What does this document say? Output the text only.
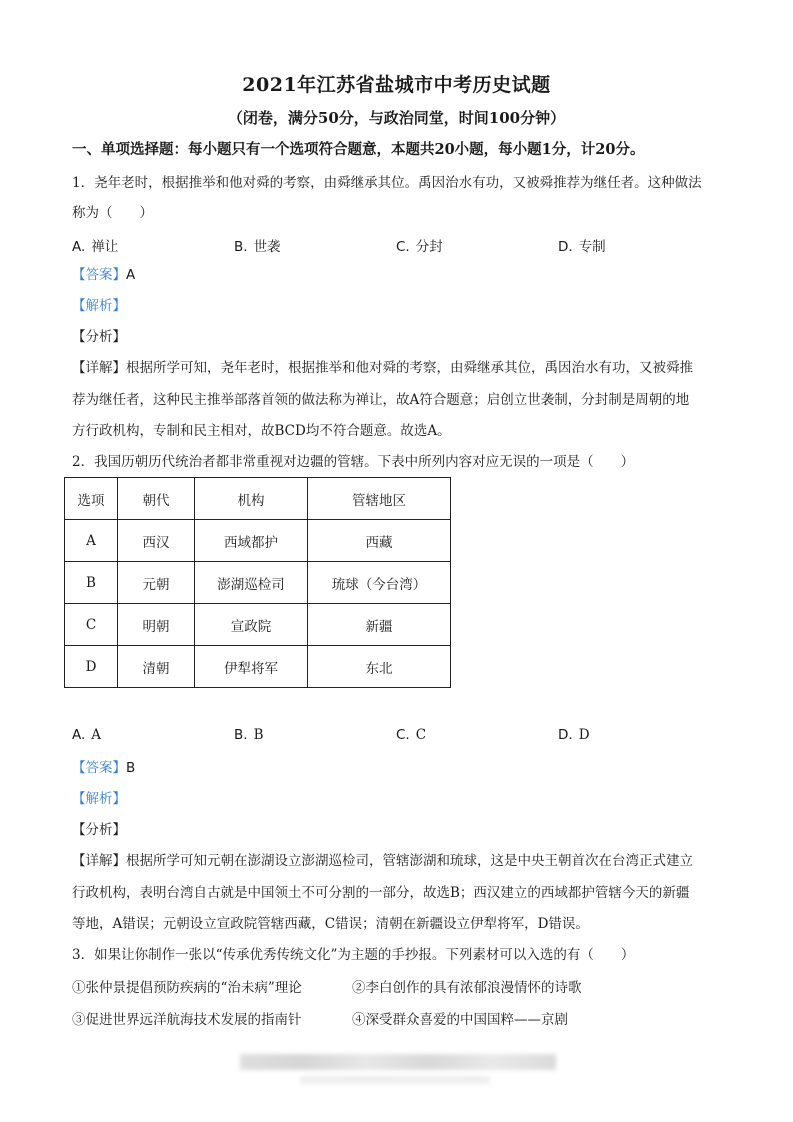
2021年江苏省盐城市中考历史试题
（闭卷，满分50分，与政治同堂，时间100分钟）
一、单项选择题：每小题只有一个选项符合题意，本题共20小题，每小题1分，计20分。
1．尧年老时，根据推举和他对舜的考察，由舜继承其位。禹因治水有功，又被舜推荐为继任者。这种做法
称为（　　）
A. 禅让	B. 世袭	C. 分封	D. 专制
【答案】A
【解析】
【分析】
【详解】根据所学可知，尧年老时，根据推举和他对舜的考察，由舜继承其位，禹因治水有功，又被舜推
荐为继任者，这种民主推举部落首领的做法称为禅让，故A符合题意；启创立世袭制，分封制是周朝的地
方行政机构，专制和民主相对，故BCD均不符合题意。故选A。
2．我国历朝历代统治者都非常重视对边疆的管辖。下表中所列内容对应无误的一项是（　　）
选项	朝代	机构	管辖地区
A	西汉	西域都护	西藏
B	元朝	澎湖巡检司	琉球（今台湾）
C	明朝	宣政院	新疆
D	清朝	伊犁将军	东北
A. A	B. B	C. C	D. D
【答案】B
【解析】
【分析】
【详解】根据所学可知元朝在澎湖设立澎湖巡检司，管辖澎湖和琉球，这是中央王朝首次在台湾正式建立
行政机构，表明台湾自古就是中国领土不可分割的一部分，故选B；西汉建立的西域都护管辖今天的新疆
等地，A错误；元朝设立宣政院管辖西藏，C错误；清朝在新疆设立伊犁将军，D错误。
3．如果让你制作一张以“传承优秀传统文化”为主题的手抄报。下列素材可以入选的有（　　）
①张仲景提倡预防疾病的“治未病”理论	②李白创作的具有浓郁浪漫情怀的诗歌
③促进世界远洋航海技术发展的指南针	④深受群众喜爱的中国国粹——京剧
